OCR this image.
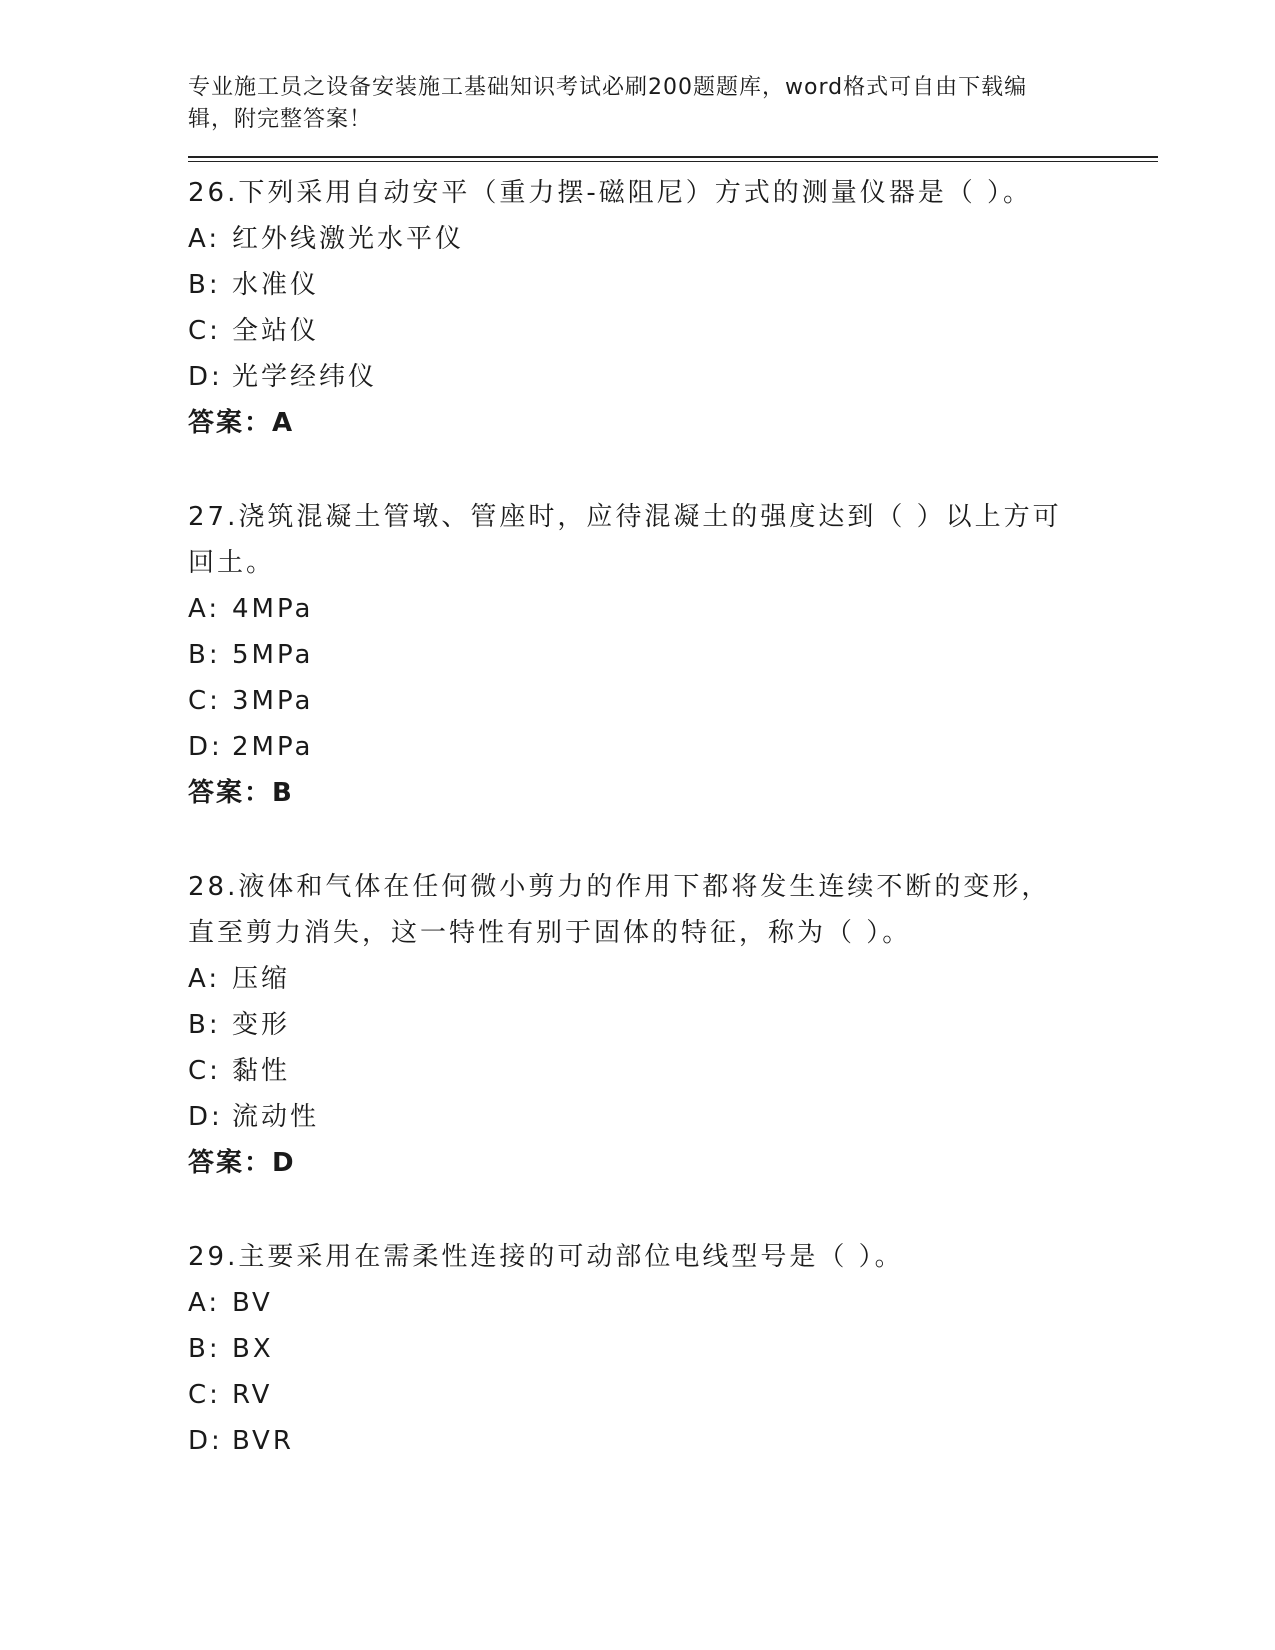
专业施工员之设备安装施工基础知识考试必刷200题题库，word格式可自由下载编辑，附完整答案！

26.下列采用自动安平（重力摆-磁阻尼）方式的测量仪器是（ ）。

A: 红外线激光水平仪

B: 水准仪

C: 全站仪

D: 光学经纬仪

答案：A

27.浇筑混凝土管墩、管座时，应待混凝土的强度达到（ ）以上方可回土。

A: 4MPa

B: 5MPa

C: 3MPa

D: 2MPa

答案：B

28.液体和气体在任何微小剪力的作用下都将发生连续不断的变形，直至剪力消失，这一特性有别于固体的特征，称为（ ）。

A: 压缩

B: 变形

C: 黏性

D: 流动性

答案：D

29.主要采用在需柔性连接的可动部位电线型号是（ ）。

A: BV

B: BX

C: RV

D: BVR
